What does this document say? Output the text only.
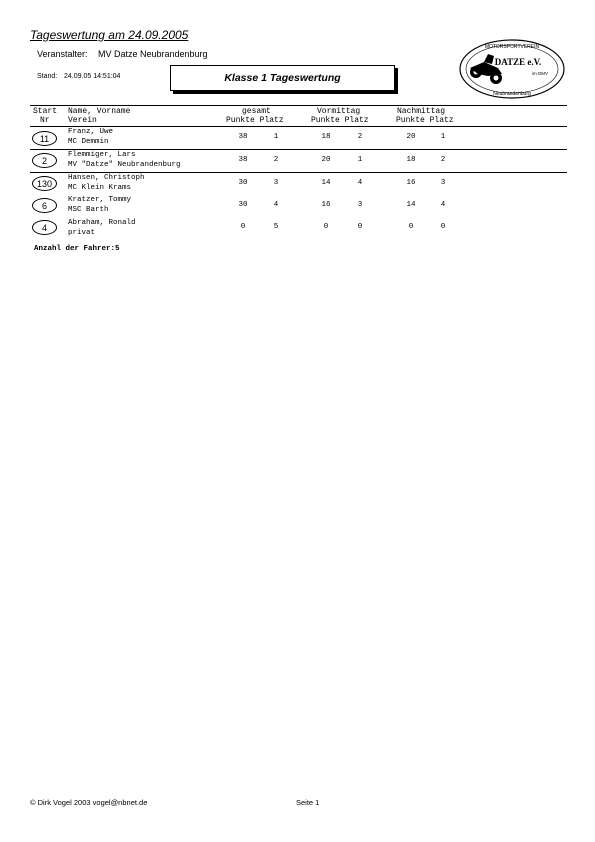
Tageswertung am 24.09.2005
Veranstalter: MV Datze Neubrandenburg
Stand: 24.09.05 14:51:04	Klasse 1 Tageswertung
MOTORSPORTVEREIN
DATZE e.V.
im DMV
Neubrandenburg
Start
Nr
Name, Vorname
Verein
gesamt
Punkte Platz
Vormittag
Punkte Platz
Nachmittag
Punkte Platz
11
Franz, Uwe
MC Demmin
38	1	18	2	20	1
2
Flemmiger, Lars
MV "Datze" Neubrandenburg
38	2	20	1	18	2
130
Hansen, Christoph
MC Klein Krams
30	3	14	4	16	3
6
Kratzer, Tommy
MSC Barth
30	4	16	3	14	4
4	Abraham, Ronald
privat
0	5	0	0	0	0
Anzahl der Fahrer:5
© Dirk Vogel 2003 vogel@nbnet.de	Seite 1
